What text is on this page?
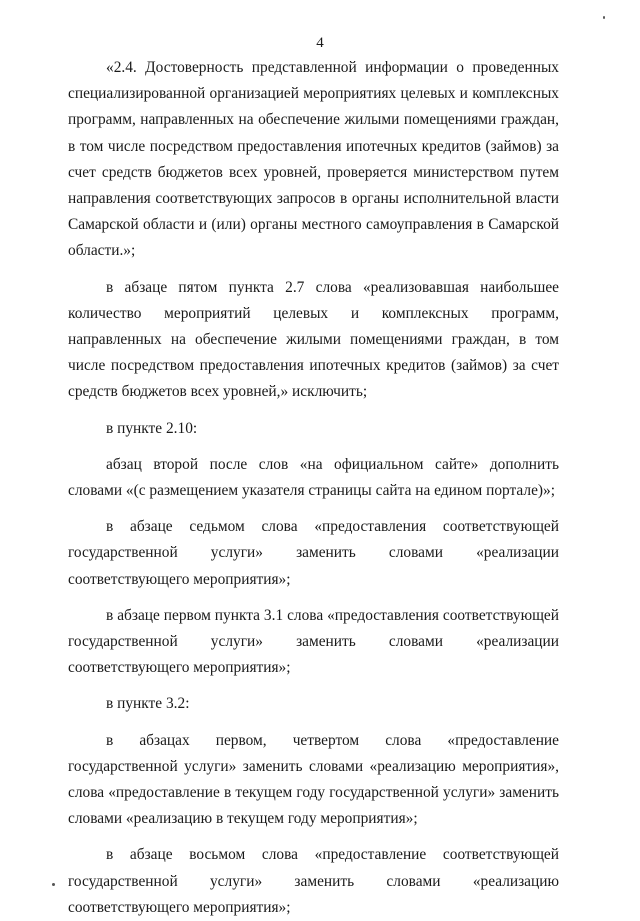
4

«2.4. Достоверность представленной информации о проведенных специализированной организацией мероприятиях целевых и комплексных программ, направленных на обеспечение жилыми помещениями граждан, в том числе посредством предоставления ипотечных кредитов (займов) за счет средств бюджетов всех уровней, проверяется министерством путем направления соответствующих запросов в органы исполнительной власти Самарской области и (или) органы местного самоуправления в Самарской области.»;

в абзаце пятом пункта 2.7 слова «реализовавшая наибольшее количество мероприятий целевых и комплексных программ, направленных на обеспечение жилыми помещениями граждан, в том числе посредством предоставления ипотечных кредитов (займов) за счет средств бюджетов всех уровней,» исключить;

в пункте 2.10:

абзац второй после слов «на официальном сайте» дополнить словами «(с размещением указателя страницы сайта на едином портале)»;

в абзаце седьмом слова «предоставления соответствующей государственной услуги» заменить словами «реализации соответствующего мероприятия»;

в абзаце первом пункта 3.1 слова «предоставления соответствующей государственной услуги» заменить словами «реализации соответствующего мероприятия»;

в пункте 3.2:

в абзацах первом, четвертом слова «предоставление государственной услуги» заменить словами «реализацию мероприятия», слова «предоставление в текущем году государственной услуги» заменить словами «реализацию в текущем году мероприятия»;

в абзаце восьмом слова «предоставление соответствующей государственной услуги» заменить словами «реализацию соответствующего мероприятия»;
